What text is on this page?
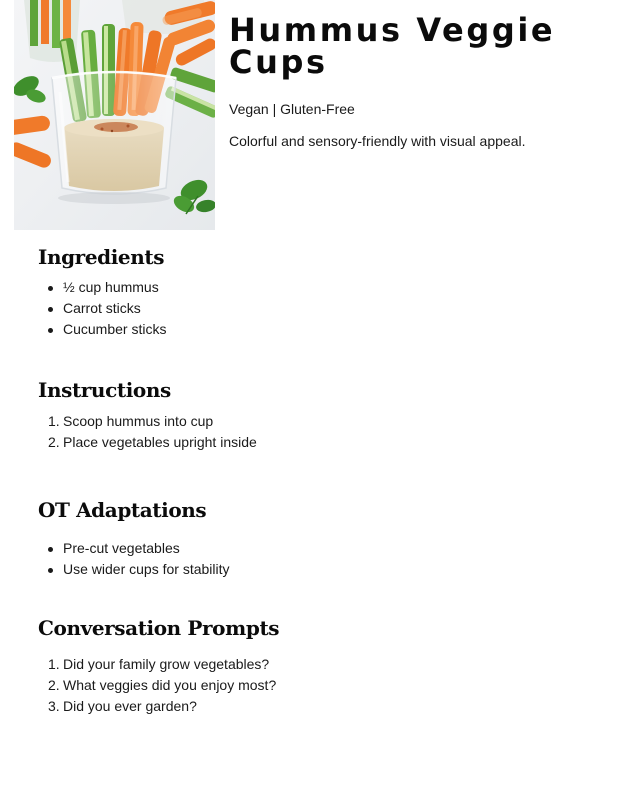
Hummus Veggie Cups

Vegan | Gluten-Free

Colorful and sensory-friendly with visual appeal.

Ingredients
½ cup hummus
Carrot sticks
Cucumber sticks
Instructions
Scoop hummus into cup
Place vegetables upright inside
OT Adaptations
Pre-cut vegetables
Use wider cups for stability
Conversation Prompts
Did your family grow vegetables?
What veggies did you enjoy most?
Did you ever garden?
